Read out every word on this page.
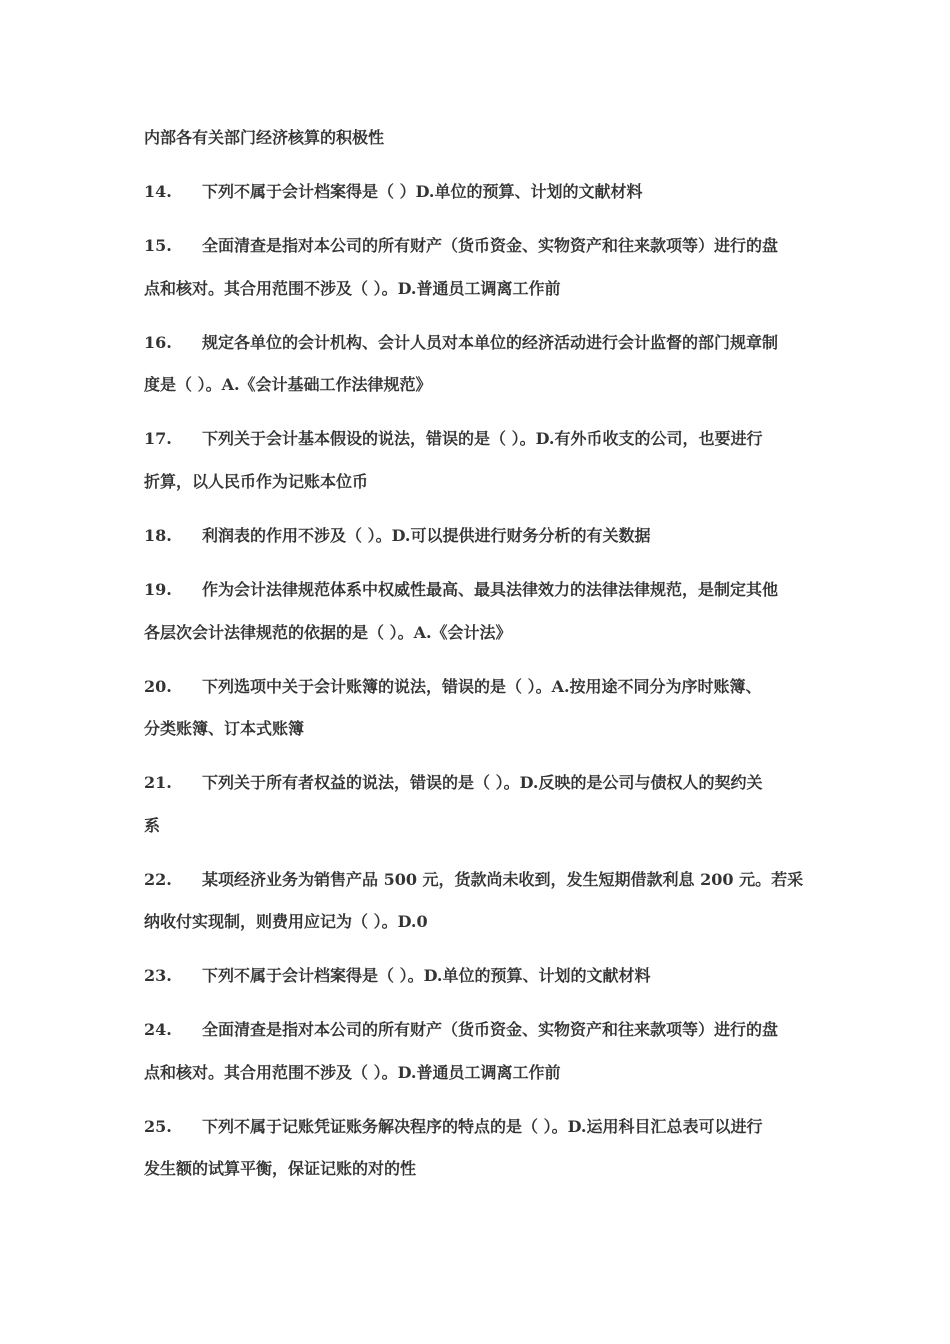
内部各有关部门经济核算的积极性
14. 下列不属于会计档案得是（ ）D.单位的预算、计划的文献材料
15. 全面清查是指对本公司的所有财产（货币资金、实物资产和往来款项等）进行的盘
点和核对。其合用范围不涉及（ ）。D.普通员工调离工作前
16. 规定各单位的会计机构、会计人员对本单位的经济活动进行会计监督的部门规章制
度是（ ）。A.《会计基础工作法律规范》
17. 下列关于会计基本假设的说法，错误的是（ ）。D.有外币收支的公司，也要进行
折算，以人民币作为记账本位币
18. 利润表的作用不涉及（ ）。D.可以提供进行财务分析的有关数据
19. 作为会计法律规范体系中权威性最高、最具法律效力的法律法律规范，是制定其他
各层次会计法律规范的依据的是（ ）。A.《会计法》
20. 下列选项中关于会计账簿的说法，错误的是（ ）。A.按用途不同分为序时账簿、
分类账簿、订本式账簿
21. 下列关于所有者权益的说法，错误的是（ ）。D.反映的是公司与债权人的契约关
系
22. 某项经济业务为销售产品 500 元，货款尚未收到，发生短期借款利息 200 元。若采
纳收付实现制，则费用应记为（ ）。D.0
23. 下列不属于会计档案得是（ ）。D.单位的预算、计划的文献材料
24. 全面清查是指对本公司的所有财产（货币资金、实物资产和往来款项等）进行的盘
点和核对。其合用范围不涉及（ ）。D.普通员工调离工作前
25. 下列不属于记账凭证账务解决程序的特点的是（ ）。D.运用科目汇总表可以进行
发生额的试算平衡，保证记账的对的性
